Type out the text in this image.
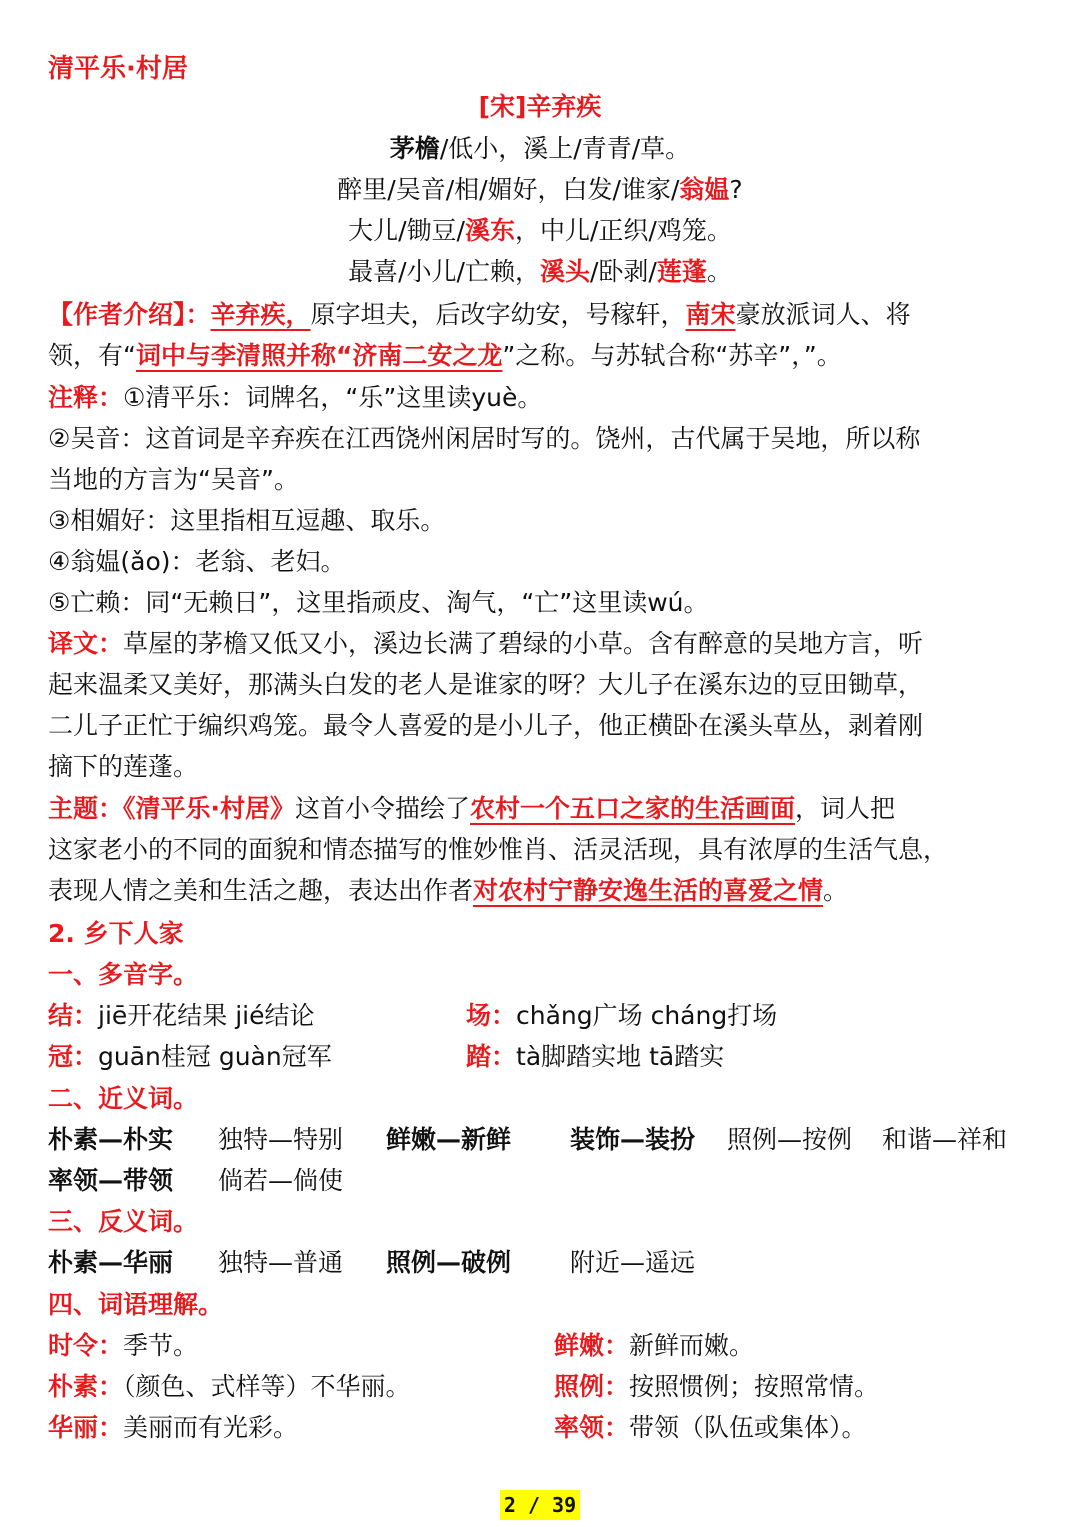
清平乐·村居
[宋]辛弃疾
茅檐/低小，溪上/青青/草。
醉里/吴音/相/媚好，白发/谁家/翁媪?
大儿/锄豆/溪东，中儿/正织/鸡笼。
最喜/小儿/亡赖，溪头/卧剥/莲蓬。
【作者介绍】：辛弃疾，原字坦夫，后改字幼安，号稼轩，南宋豪放派词人、将
领，有“词中与李清照并称“济南二安之龙”之称。与苏轼合称“苏辛”，”。
注释：①清平乐：词牌名，“乐”这里读yuè。
②吴音：这首词是辛弃疾在江西饶州闲居时写的。饶州，古代属于吴地，所以称
当地的方言为“吴音”。
③相媚好：这里指相互逗趣、取乐。
④翁媪(ǎo)：老翁、老妇。
⑤亡赖：同“无赖日”，这里指顽皮、淘气，“亡”这里读wú。
译文：草屋的茅檐又低又小，溪边长满了碧绿的小草。含有醉意的吴地方言，听
起来温柔又美好，那满头白发的老人是谁家的呀？大儿子在溪东边的豆田锄草，
二儿子正忙于编织鸡笼。最令人喜爱的是小儿子，他正横卧在溪头草丛，剥着刚
摘下的莲蓬。
主题：《清平乐·村居》这首小令描绘了农村一个五口之家的生活画面，词人把
这家老小的不同的面貌和情态描写的惟妙惟肖、活灵活现，具有浓厚的生活气息，
表现人情之美和生活之趣，表达出作者对农村宁静安逸生活的喜爱之情。
2. 乡下人家
一、多音字。
结：jiē开花结果 jié结论	场：chǎng广场 cháng打场
冠：guān桂冠 guàn冠军	踏：tà脚踏实地 tā踏实
二、近义词。
朴素—朴实 独特—特别 鲜嫩—新鲜 装饰—装扮 照例—按例 和谐—祥和
率领—带领 倘若—倘使
三、反义词。
朴素—华丽 独特—普通 照例—破例 附近—遥远
四、词语理解。
时令：季节。	鲜嫩：新鲜而嫩。
朴素：（颜色、式样等）不华丽。	照例：按照惯例；按照常情。
华丽：美丽而有光彩。	率领：带领（队伍或集体）。
2 / 39
